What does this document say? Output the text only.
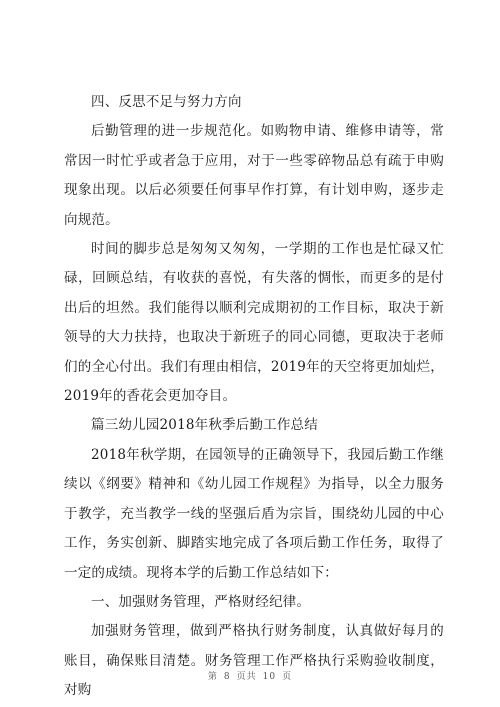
四、反思不足与努力方向

后勤管理的进一步规范化。如购物申请、维修申请等，常常因一时忙乎或者急于应用，对于一些零碎物品总有疏于申购现象出现。以后必须要任何事早作打算，有计划申购，逐步走向规范。

时间的脚步总是匆匆又匆匆，一学期的工作也是忙碌又忙碌，回顾总结，有收获的喜悦，有失落的惆怅，而更多的是付出后的坦然。我们能得以顺利完成期初的工作目标，取决于新领导的大力扶持，也取决于新班子的同心同德，更取决于老师们的全心付出。我们有理由相信，2019年的天空将更加灿烂，2019年的香花会更加夺目。

篇三幼儿园2018年秋季后勤工作总结

2018年秋学期，在园领导的正确领导下，我园后勤工作继续以《纲要》精神和《幼儿园工作规程》为指导，以全力服务于教学，充当教学一线的坚强后盾为宗旨，围绕幼儿园的中心工作，务实创新、脚踏实地完成了各项后勤工作任务，取得了一定的成绩。现将本学的后勤工作总结如下：

一、加强财务管理，严格财经纪律。

加强财务管理，做到严格执行财务制度，认真做好每月的账目，确保账目清楚。财务管理工作严格执行采购验收制度，对购

第 8 页共 10 页
